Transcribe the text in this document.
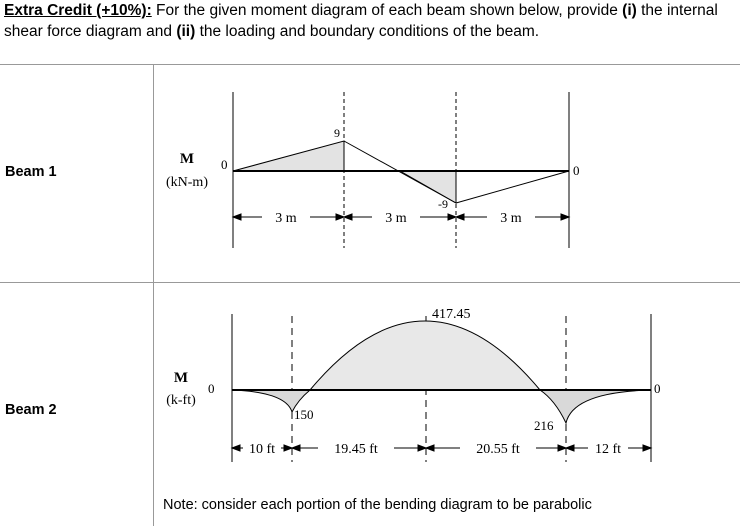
Extra Credit (+10%): For the given moment diagram of each beam shown below, provide (i) the internal shear force diagram and (ii) the loading and boundary conditions of the beam.
Beam 1
Beam 2
3 m	3 m	3 m
M
(kN-m)
0	0
9
-9
10 ft	19.45 ft	20.55 ft	12 ft
M
(k-ft)
0	0
417.45
150
216
Note: consider each portion of the bending diagram to be parabolic
